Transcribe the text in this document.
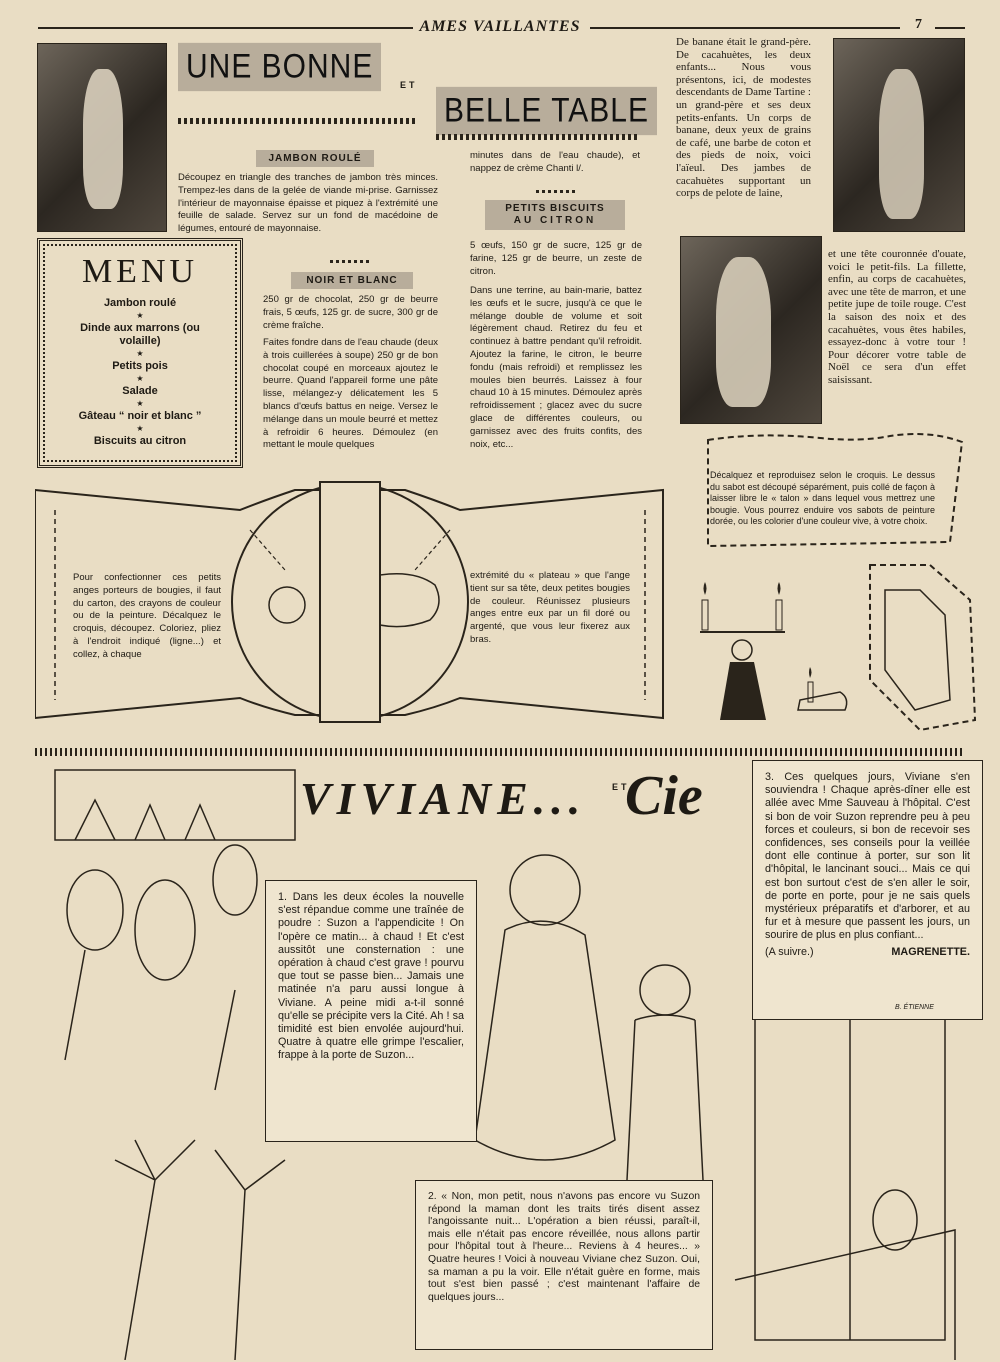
AMES VAILLANTES	7
UNE BONNE	ET
BELLE TABLE
MENU
Jambon roulé
★
Dinde aux marrons (ou volaille)
★
Petits pois
★
Salade
★
Gâteau “ noir et blanc ”
★
Biscuits au citron
JAMBON ROULÉ
Découpez en triangle des tranches de jambon très minces. Trempez-les dans de la gelée de viande mi-prise. Garnissez l'intérieur de mayonnaise épaisse et piquez à l'extrémité une feuille de salade. Servez sur un fond de macédoine de légumes, entouré de mayonnaise.
NOIR ET BLANC
250 gr de chocolat, 250 gr de beurre frais, 5 œufs, 125 gr. de sucre, 300 gr de crème fraîche.
Faites fondre dans de l'eau chaude (deux à trois cuillerées à soupe) 250 gr de bon chocolat coupé en morceaux ajoutez le beurre. Quand l'appareil forme une pâte lisse, mélangez-y délicatement les 5 blancs d'œufs battus en neige. Versez le mélange dans un moule beurré et mettez à refroidir 6 heures. Démoulez (en mettant le moule quelques
minutes dans de l'eau chaude), et nappez de crème Chanti l/.
PETITS BISCUITS
AU CITRON
5 œufs, 150 gr de sucre, 125 gr de farine, 125 gr de beurre, un zeste de citron.
Dans une terrine, au bain-marie, battez les œufs et le sucre, jusqu'à ce que le mélange double de volume et soit légèrement chaud. Retirez du feu et continuez à battre pendant qu'il refroidit. Ajoutez la farine, le citron, le beurre fondu (mais refroidi) et remplissez les moules bien beurrés. Laissez à four chaud 10 à 15 minutes. Démoulez après refroidissement ; glacez avec du sucre glace de différentes couleurs, ou garnissez avec des fruits confits, des noix, etc...
De banane était le grand-père. De cacahuètes, les deux enfants... Nous vous présentons, ici, de modestes descendants de Dame Tartine : un grand-père et ses deux petits-enfants. Un corps de banane, deux yeux de grains de café, une barbe de coton et des pieds de noix, voici l'aïeul. Des jambes de cacahuètes supportant un corps de pelote de laine,
et une tête couronnée d'ouate, voici le petit-fils. La fillette, enfin, au corps de cacahuètes, avec une tête de marron, et une petite jupe de toile rouge. C'est la saison des noix et des cacahuètes, vous êtes habiles, essayez-donc à votre tour ! Pour décorer votre table de Noël ce sera d'un effet saisissant.
Décalquez et reproduisez selon le croquis. Le dessus du sabot est découpé séparément, puis collé de façon à laisser libre le « talon » dans lequel vous mettrez une bougie. Vous pourrez enduire vos sabots de peinture dorée, ou les colorier d'une couleur vive, à votre choix.
Pour confectionner ces petits anges porteurs de bougies, il faut du carton, des crayons de couleur ou de la peinture. Décalquez le croquis, découpez. Coloriez, pliez à l'endroit indiqué (ligne...) et collez, à chaque
extrémité du « plateau » que l'ange tient sur sa tête, deux petites bougies de couleur. Réunissez plusieurs anges entre eux par un fil doré ou argenté, que vous leur fixerez aux bras.
VIVIANE...	ET
Cie
1. Dans les deux écoles la nouvelle s'est répandue comme une traînée de poudre : Suzon a l'appendicite ! On l'opère ce matin... à chaud ! Et c'est aussitôt une consternation : une opération à chaud c'est grave ! pourvu que tout se passe bien... Jamais une matinée n'a paru aussi longue à Viviane. A peine midi a-t-il sonné qu'elle se précipite vers la Cité. Ah ! sa timidité est bien envolée aujourd'hui. Quatre à quatre elle grimpe l'escalier, frappe à la porte de Suzon...
2. « Non, mon petit, nous n'avons pas encore vu Suzon répond la maman dont les traits tirés disent assez l'angoissante nuit... L'opération a bien réussi, paraît-il, mais elle n'était pas encore réveillée, nous allons partir pour l'hôpital tout à l'heure... Reviens à 4 heures... » Quatre heures ! Voici à nouveau Viviane chez Suzon. Oui, sa maman a pu la voir. Elle n'était guère en forme, mais tout s'est bien passé ; c'est maintenant l'affaire de quelques jours...
3. Ces quelques jours, Viviane s'en souviendra ! Chaque après-dîner elle est allée avec Mme Sauveau à l'hôpital. C'est si bon de voir Suzon reprendre peu à peu forces et couleurs, si bon de recevoir ses confidences, ses conseils pour la veillée dont elle continue à porter, sur son lit d'hôpital, le lancinant souci... Mais ce qui est bon surtout c'est de s'en aller le soir, de porte en porte, pour je ne sais quels mystérieux préparatifs et d'arborer, et au fur et à mesure que passent les jours, un sourire de plus en plus confiant...
(A suivre.)	MAGRENETTE.
B. ÉTIENNE
